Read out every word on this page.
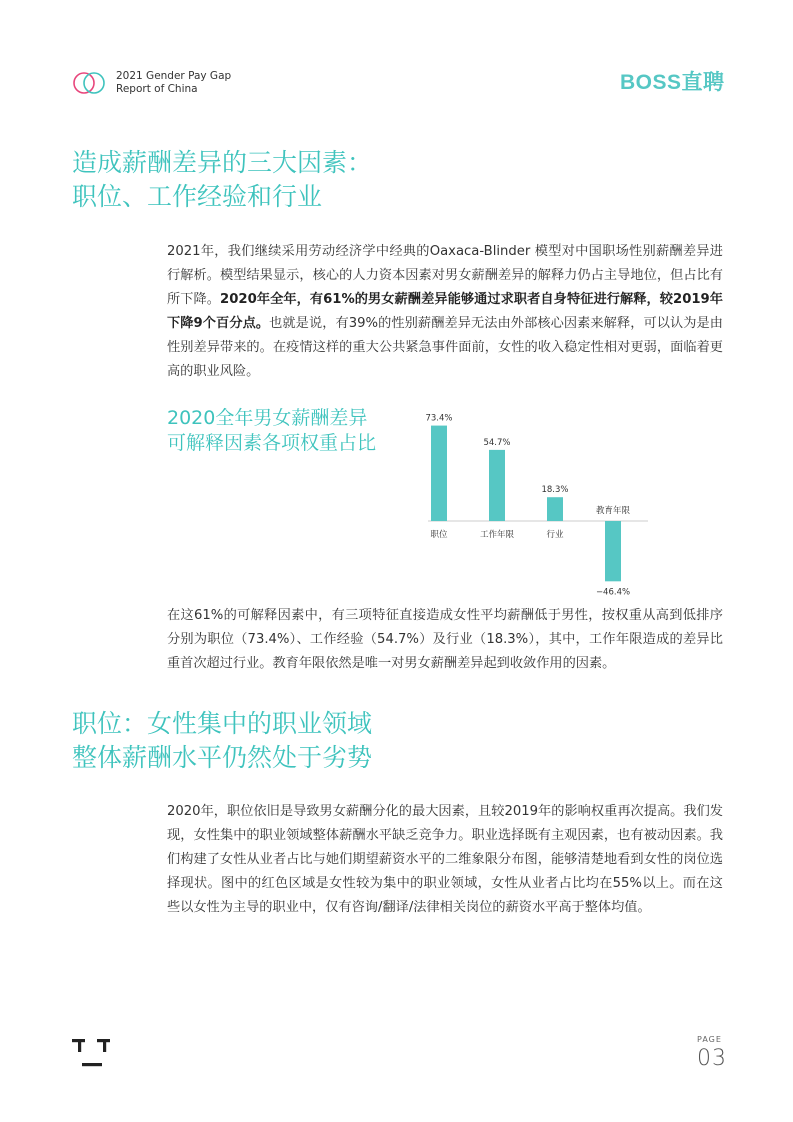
2021 Gender Pay Gap
Report of China	BOSS直聘
造成薪酬差异的三大因素：
职位、工作经验和行业
2021年，我们继续采用劳动经济学中经典的Oaxaca-Blinder 模型对中国职场性别薪酬差异进行解析。模型结果显示，核心的人力资本因素对男女薪酬差异的解释力仍占主导地位，但占比有所下降。2020年全年，有61%的男女薪酬差异能够通过求职者自身特征进行解释，较2019年下降9个百分点。也就是说，有39%的性别薪酬差异无法由外部核心因素来解释，可以认为是由性别差异带来的。在疫情这样的重大公共紧急事件面前，女性的收入稳定性相对更弱，面临着更高的职业风险。
2020全年男女薪酬差异
可解释因素各项权重占比
73.4%
职位
54.7%
工作年限
18.3%
行业
−46.4%
教育年限
在这61%的可解释因素中，有三项特征直接造成女性平均薪酬低于男性，按权重从高到低排序分别为职位（73.4%）、工作经验（54.7%）及行业（18.3%），其中，工作年限造成的差异比重首次超过行业。教育年限依然是唯一对男女薪酬差异起到收敛作用的因素。
职位：女性集中的职业领域
整体薪酬水平仍然处于劣势
2020年，职位依旧是导致男女薪酬分化的最大因素，且较2019年的影响权重再次提高。我们发现，女性集中的职业领域整体薪酬水平缺乏竞争力。职业选择既有主观因素，也有被动因素。我们构建了女性从业者占比与她们期望薪资水平的二维象限分布图，能够清楚地看到女性的岗位选择现状。图中的红色区域是女性较为集中的职业领域，女性从业者占比均在55%以上。而在这些以女性为主导的职业中，仅有咨询/翻译/法律相关岗位的薪资水平高于整体均值。
PAGE
03
